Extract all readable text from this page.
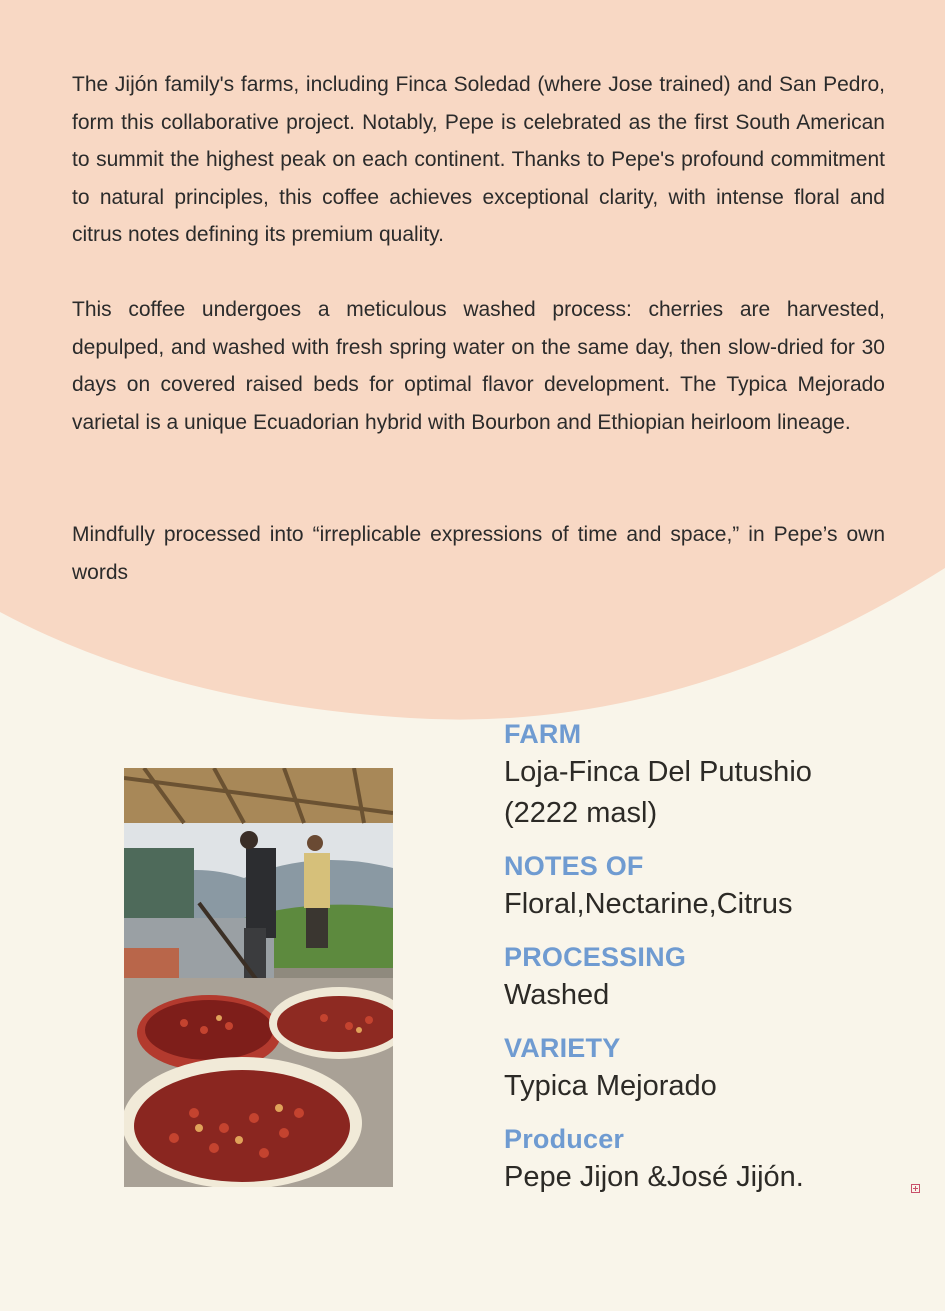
The Jijón family's farms, including Finca Soledad (where Jose trained) and San Pedro, form this collaborative project. Notably, Pepe is celebrated as the first South American to summit the highest peak on each continent. Thanks to Pepe's profound commitment to natural principles, this coffee achieves exceptional clarity, with intense floral and citrus notes defining its premium quality.

This coffee undergoes a meticulous washed process: cherries are harvested, depulped, and washed with fresh spring water on the same day, then slow-dried for 30 days on covered raised beds for optimal flavor development. The Typica Mejorado varietal is a unique Ecuadorian hybrid with Bourbon and Ethiopian heirloom lineage.

Mindfully processed into “irreplicable expressions of time and space,” in Pepe’s own words

FARM
Loja-Finca Del Putushio (2222 masl)
NOTES OF
Floral,Nectarine,Citrus
PROCESSING
Washed
VARIETY
Typica Mejorado
Producer
Pepe Jijon &José Jijón.
